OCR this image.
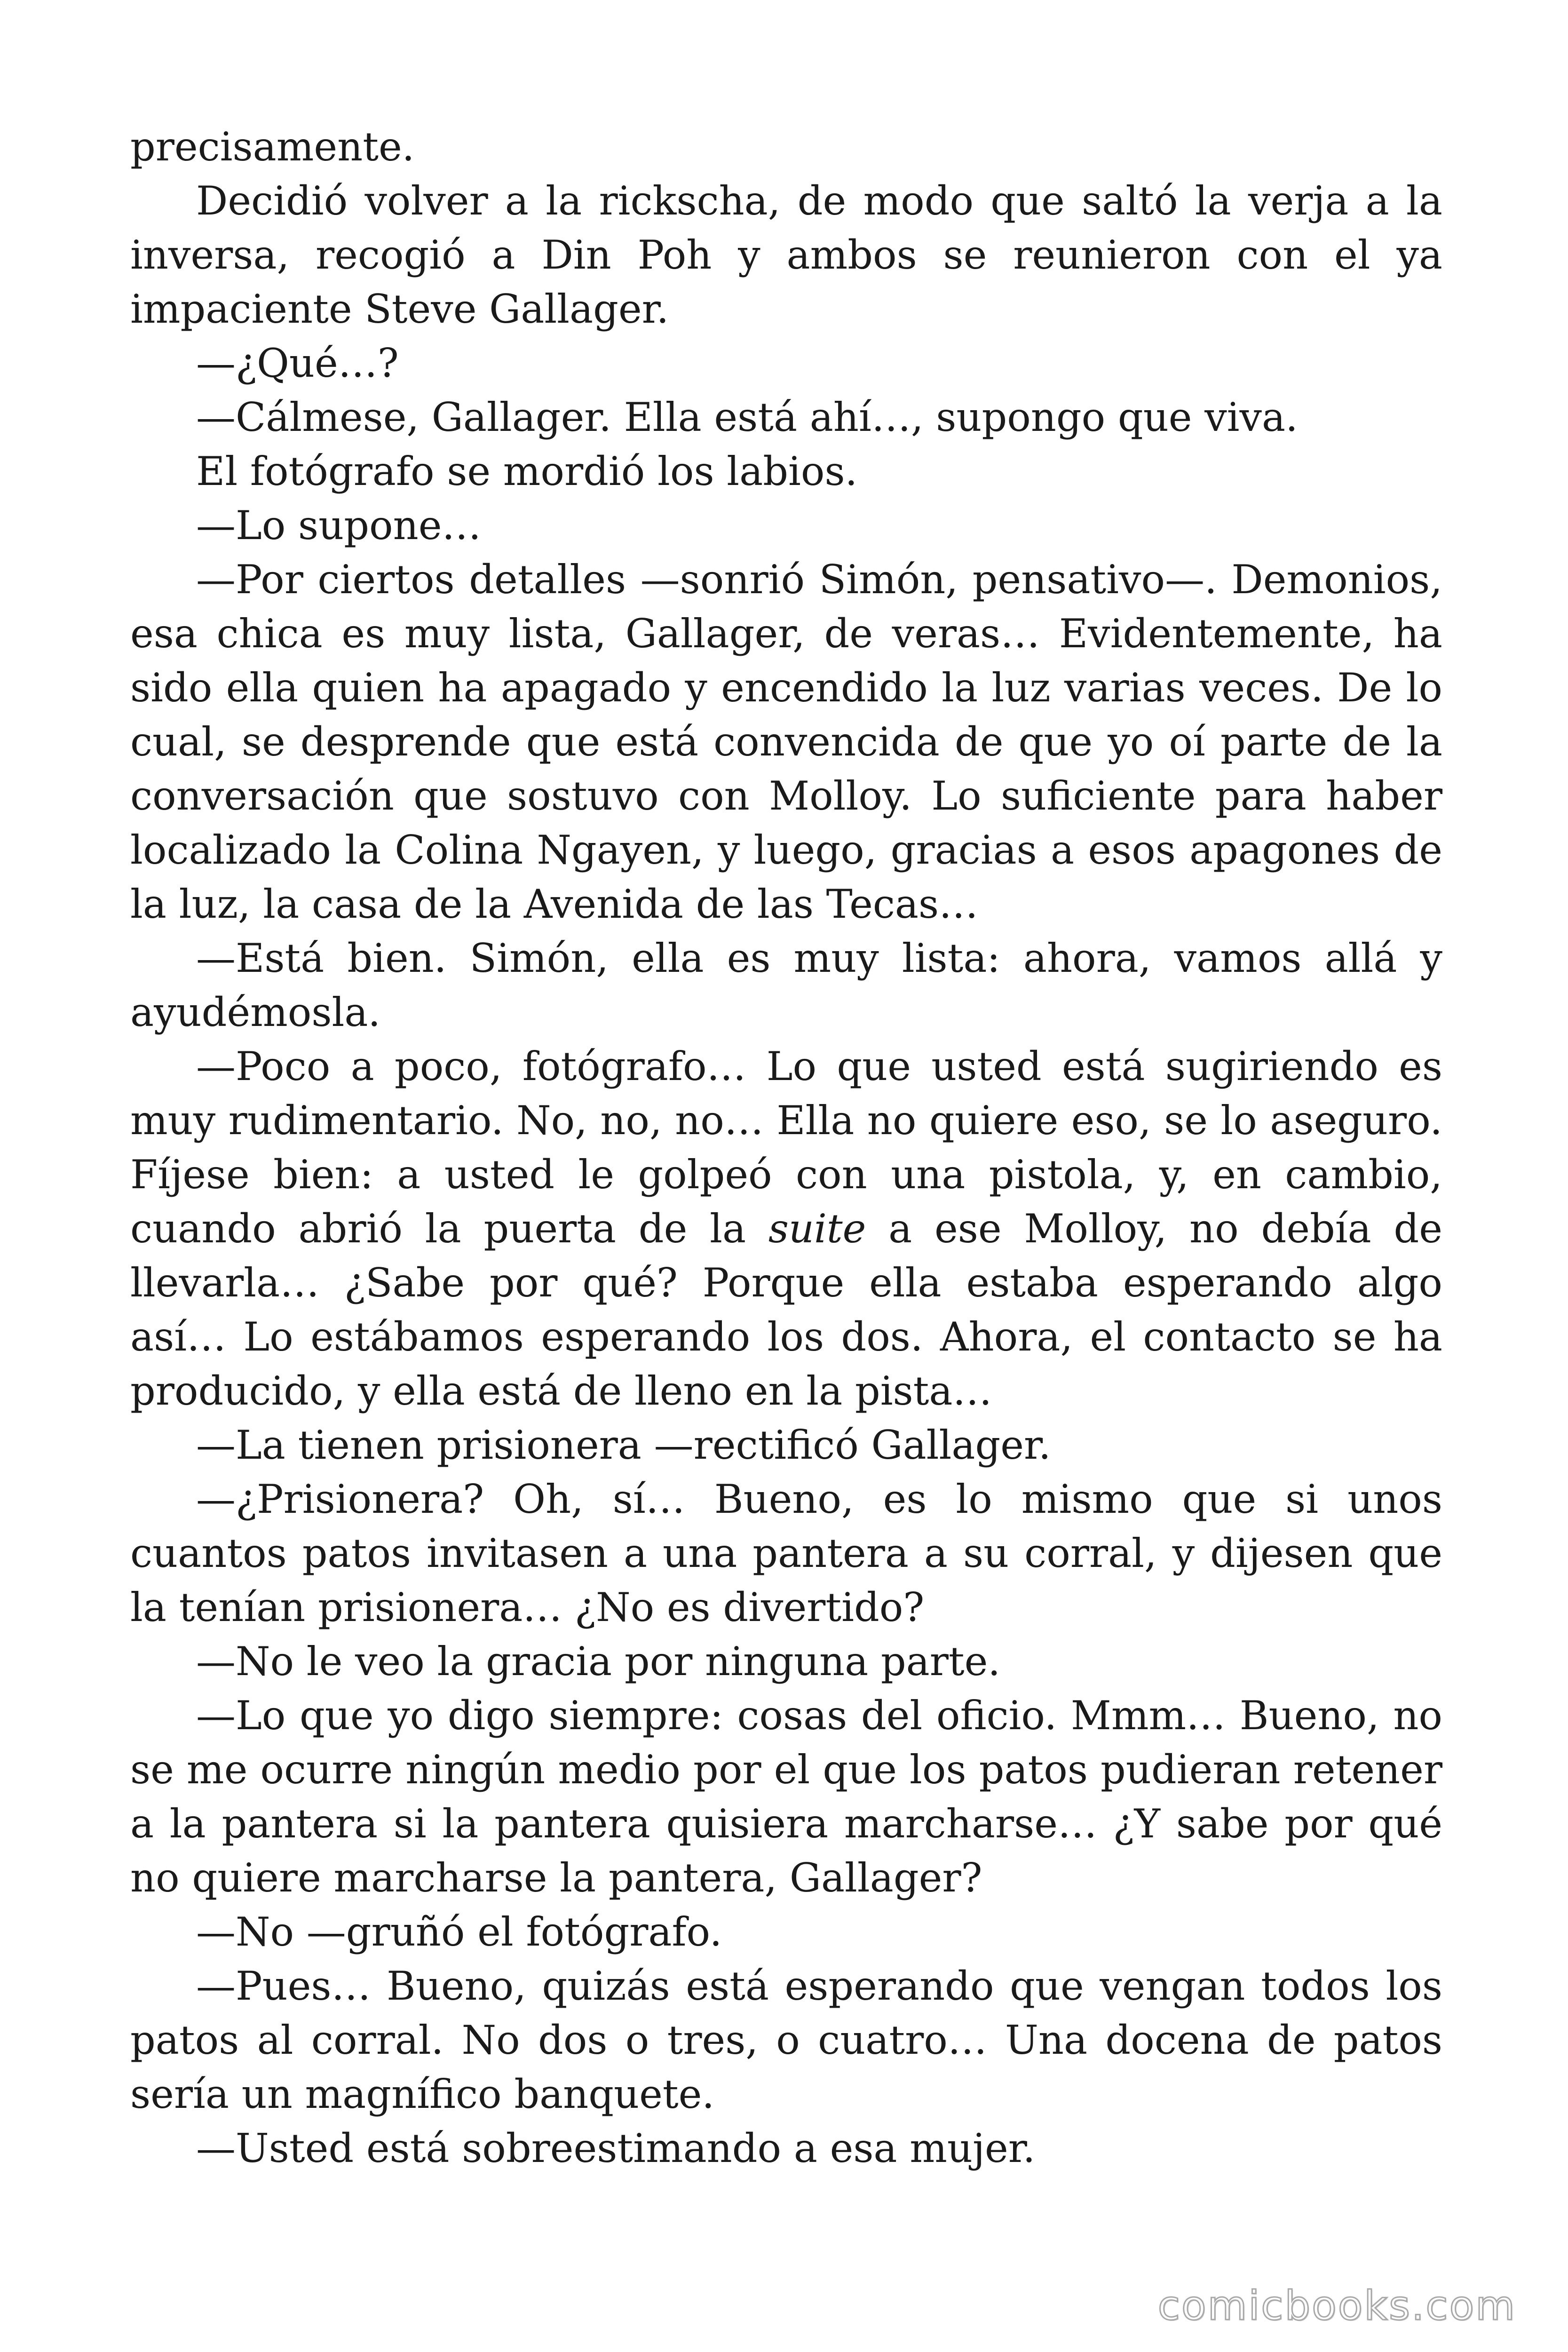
precisamente.

Decidió volver a la rickscha, de modo que saltó la verja a la inversa, recogió a Din Poh y ambos se reunieron con el ya impaciente Steve Gallager.

—¿Qué…?

—Cálmese, Gallager. Ella está ahí…, supongo que viva.

El fotógrafo se mordió los labios.

—Lo supone…

—Por ciertos detalles —sonrió Simón, pensativo—. Demonios, esa chica es muy lista, Gallager, de veras… Evidentemente, ha sido ella quien ha apagado y encendido la luz varias veces. De lo cual, se desprende que está convencida de que yo oí parte de la conversación que sostuvo con Molloy. Lo suficiente para haber localizado la Colina Ngayen, y luego, gracias a esos apagones de la luz, la casa de la Avenida de las Tecas…

—Está bien. Simón, ella es muy lista: ahora, vamos allá y ayudémosla.

—Poco a poco, fotógrafo… Lo que usted está sugiriendo es muy rudimentario. No, no, no… Ella no quiere eso, se lo aseguro. Fíjese bien: a usted le golpeó con una pistola, y, en cambio, cuando abrió la puerta de la suite a ese Molloy, no debía de llevarla… ¿Sabe por qué? Porque ella estaba esperando algo así… Lo estábamos esperando los dos. Ahora, el contacto se ha producido, y ella está de lleno en la pista…

—La tienen prisionera —rectificó Gallager.

—¿Prisionera? Oh, sí… Bueno, es lo mismo que si unos cuantos patos invitasen a una pantera a su corral, y dijesen que la tenían prisionera… ¿No es divertido?

—No le veo la gracia por ninguna parte.

—Lo que yo digo siempre: cosas del oficio. Mmm… Bueno, no se me ocurre ningún medio por el que los patos pudieran retener a la pantera si la pantera quisiera marcharse… ¿Y sabe por qué no quiere marcharse la pantera, Gallager?

—No —gruñó el fotógrafo.

—Pues… Bueno, quizás está esperando que vengan todos los patos al corral. No dos o tres, o cuatro… Una docena de patos sería un magnífico banquete.

—Usted está sobreestimando a esa mujer.

comicbooks.com
